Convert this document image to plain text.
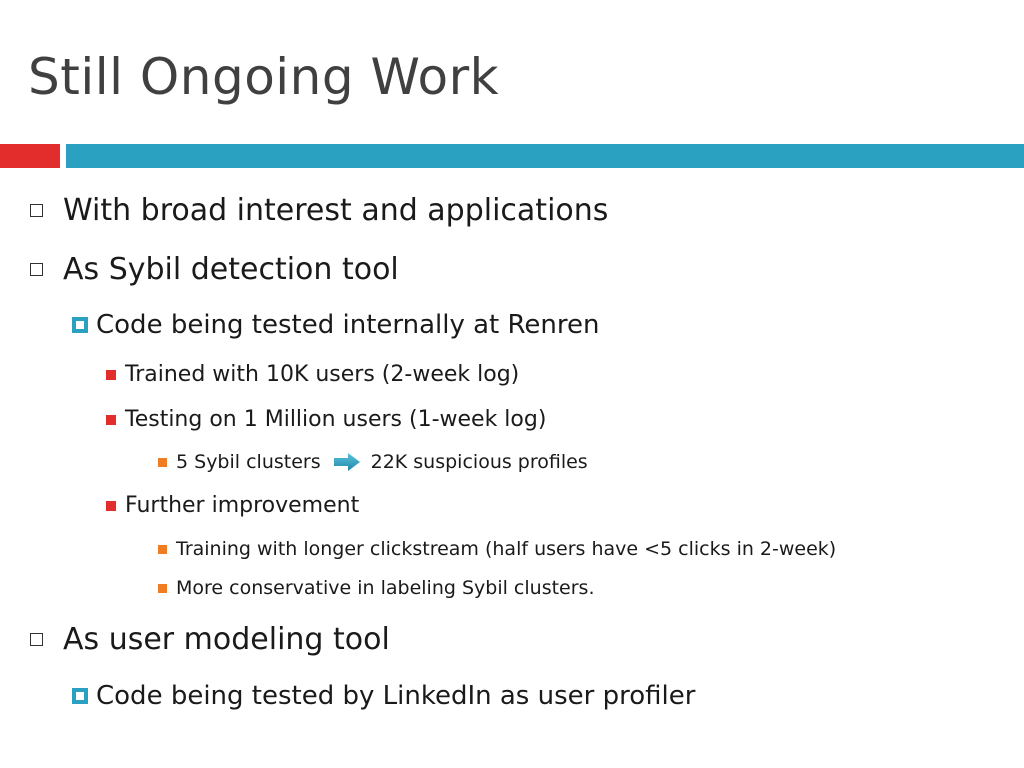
Still Ongoing Work
With broad interest and applications
As Sybil detection tool
Code being tested internally at Renren
Trained with 10K users (2-week log)
Testing on 1 Million users (1-week log)
5 Sybil clusters	22K suspicious profiles
Further improvement
Training with longer clickstream (half users have <5 clicks in 2-week)
More conservative in labeling Sybil clusters.
As user modeling tool
Code being tested by LinkedIn as user profiler
